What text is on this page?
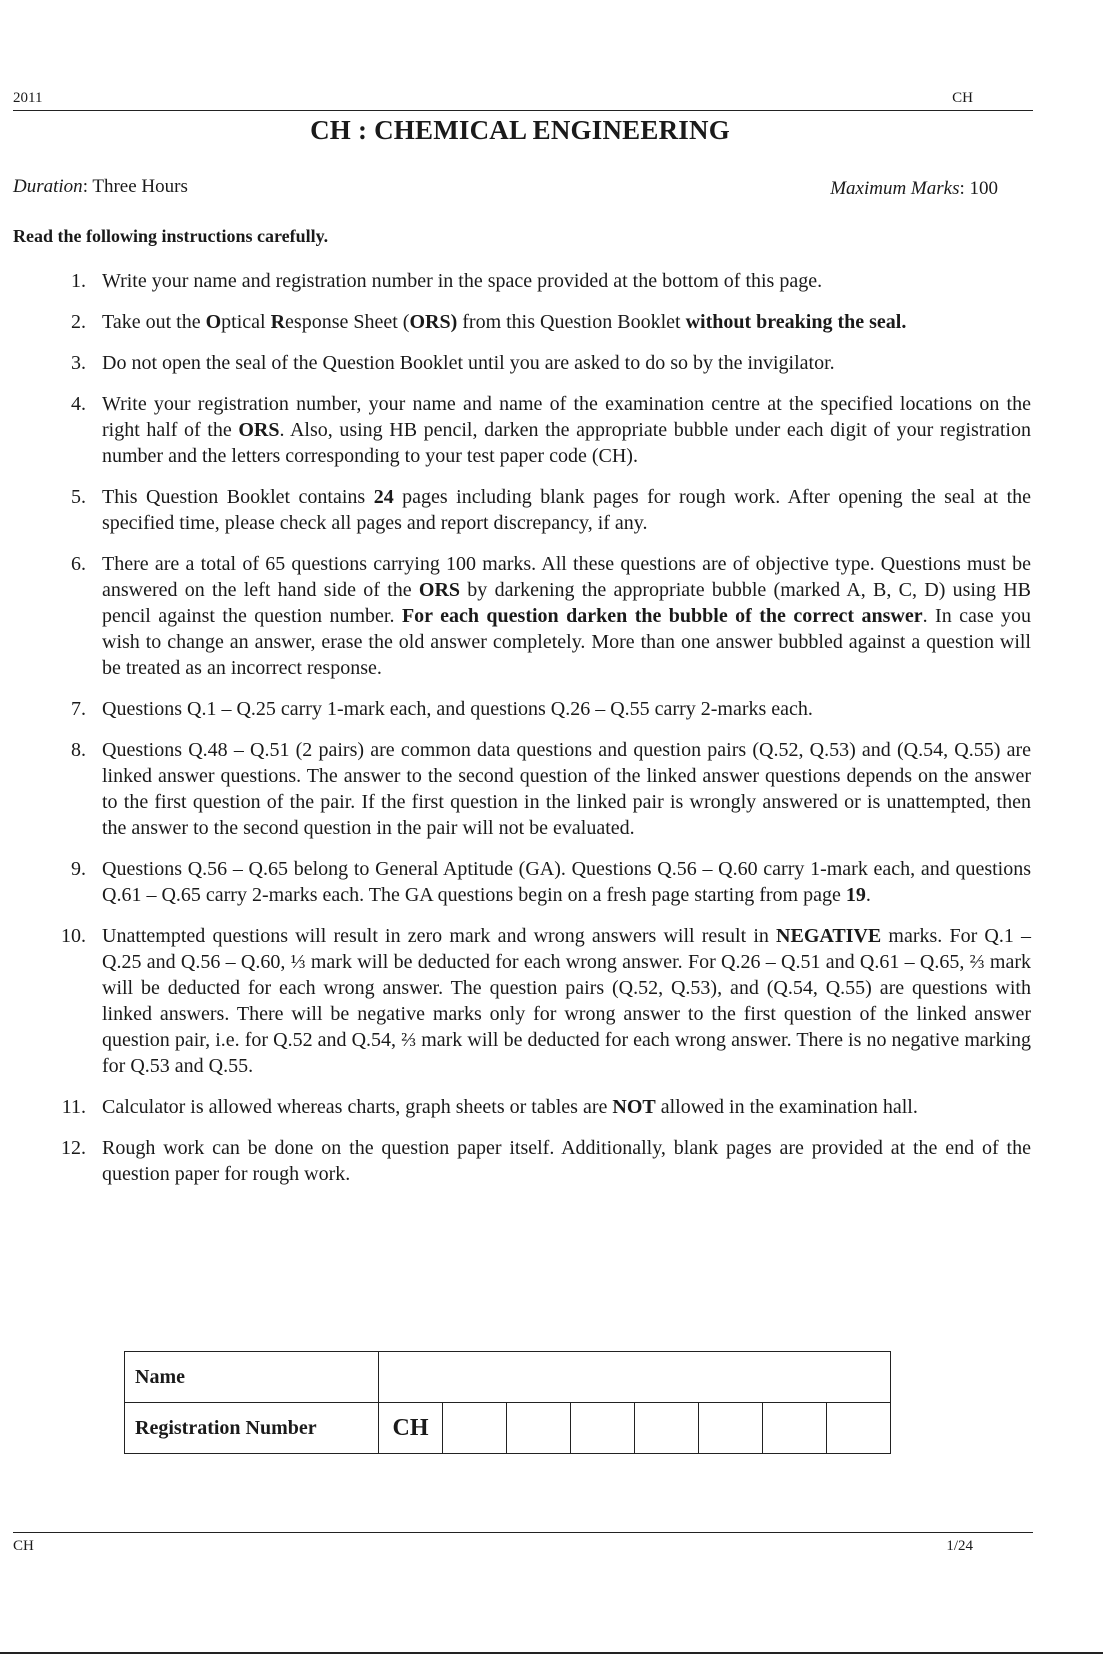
2011	CH
CH : CHEMICAL ENGINEERING
Duration: Three Hours	Maximum Marks: 100
Read the following instructions carefully.
1. Write your name and registration number in the space provided at the bottom of this page.
2. Take out the Optical Response Sheet (ORS) from this Question Booklet without breaking the seal.
3. Do not open the seal of the Question Booklet until you are asked to do so by the invigilator.
4. Write your registration number, your name and name of the examination centre at the specified locations on the right half of the ORS. Also, using HB pencil, darken the appropriate bubble under each digit of your registration number and the letters corresponding to your test paper code (CH).
5. This Question Booklet contains 24 pages including blank pages for rough work. After opening the seal at the specified time, please check all pages and report discrepancy, if any.
6. There are a total of 65 questions carrying 100 marks. All these questions are of objective type. Questions must be answered on the left hand side of the ORS by darkening the appropriate bubble (marked A, B, C, D) using HB pencil against the question number. For each question darken the bubble of the correct answer. In case you wish to change an answer, erase the old answer completely. More than one answer bubbled against a question will be treated as an incorrect response.
7. Questions Q.1 – Q.25 carry 1-mark each, and questions Q.26 – Q.55 carry 2-marks each.
8. Questions Q.48 – Q.51 (2 pairs) are common data questions and question pairs (Q.52, Q.53) and (Q.54, Q.55) are linked answer questions. The answer to the second question of the linked answer questions depends on the answer to the first question of the pair. If the first question in the linked pair is wrongly answered or is unattempted, then the answer to the second question in the pair will not be evaluated.
9. Questions Q.56 – Q.65 belong to General Aptitude (GA). Questions Q.56 – Q.60 carry 1-mark each, and questions Q.61 – Q.65 carry 2-marks each. The GA questions begin on a fresh page starting from page 19.
10. Unattempted questions will result in zero mark and wrong answers will result in NEGATIVE marks. For Q.1 – Q.25 and Q.56 – Q.60, ⅓ mark will be deducted for each wrong answer. For Q.26 – Q.51 and Q.61 – Q.65, ⅔ mark will be deducted for each wrong answer. The question pairs (Q.52, Q.53), and (Q.54, Q.55) are questions with linked answers. There will be negative marks only for wrong answer to the first question of the linked answer question pair, i.e. for Q.52 and Q.54, ⅔ mark will be deducted for each wrong answer. There is no negative marking for Q.53 and Q.55.
11. Calculator is allowed whereas charts, graph sheets or tables are NOT allowed in the examination hall.
12. Rough work can be done on the question paper itself. Additionally, blank pages are provided at the end of the question paper for rough work.
Name								
Registration Number	CH							
CH	1/24
